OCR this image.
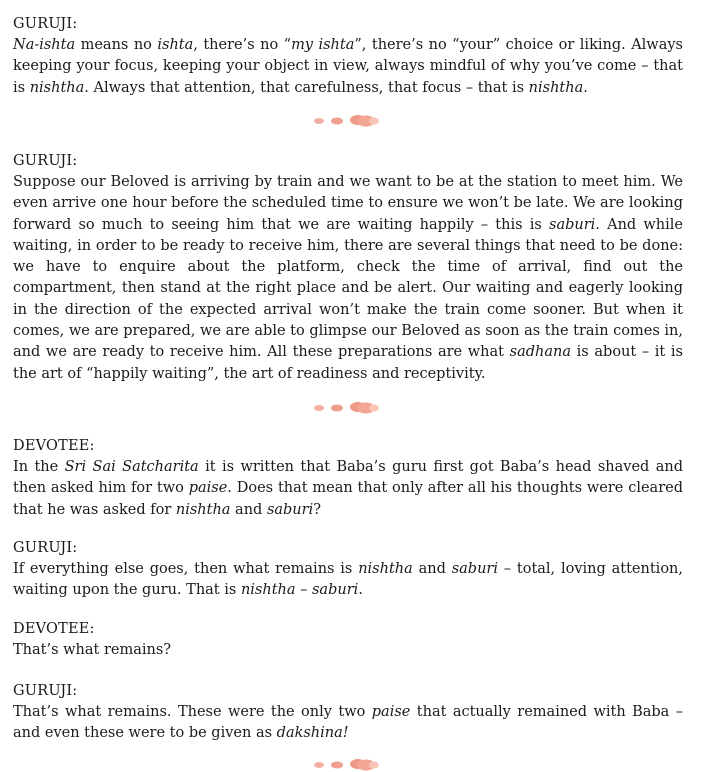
GURUJI:
Na-ishta means no ishta, there’s no “my ishta”, there’s no “your” choice or liking. Always keeping your focus, keeping your object in view, always mindful of why you’ve come – that is nishtha. Always that attention, that carefulness, that focus – that is nishtha.
GURUJI:
Suppose our Beloved is arriving by train and we want to be at the station to meet him. We even arrive one hour before the scheduled time to ensure we won’t be late. We are looking forward so much to seeing him that we are waiting happily – this is saburi. And while waiting, in order to be ready to receive him, there are several things that need to be done: we have to enquire about the platform, check the time of arrival, find out the compartment, then stand at the right place and be alert. Our waiting and eagerly looking in the direction of the expected arrival won’t make the train come sooner. But when it comes, we are prepared, we are able to glimpse our Beloved as soon as the train comes in, and we are ready to receive him. All these preparations are what sadhana is about – it is the art of “happily waiting”, the art of readiness and receptivity.
DEVOTEE:
In the Sri Sai Satcharita it is written that Baba’s guru first got Baba’s head shaved and then asked him for two paise. Does that mean that only after all his thoughts were cleared that he was asked for nishtha and saburi?
GURUJI:
If everything else goes, then what remains is nishtha and saburi – total, loving attention, waiting upon the guru. That is nishtha – saburi.
DEVOTEE:
That’s what remains?
GURUJI:
That’s what remains. These were the only two paise that actually remained with Baba – and even these were to be given as dakshina!
